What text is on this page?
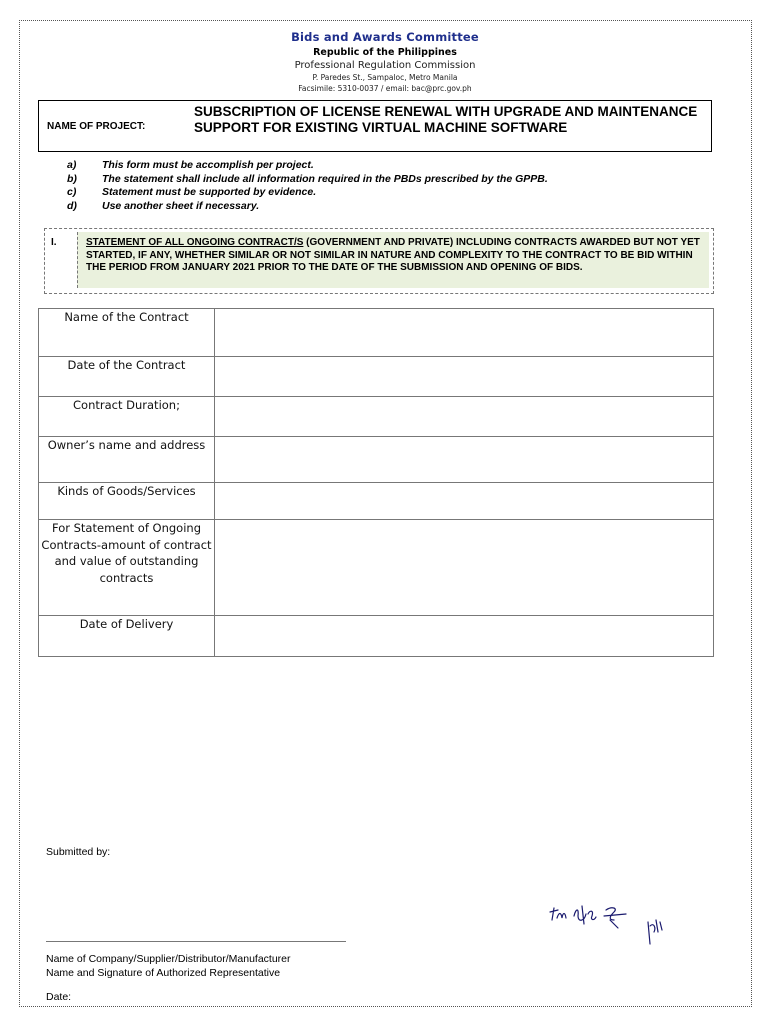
Bids and Awards Committee
Republic of the Philippines
Professional Regulation Commission
P. Paredes St., Sampaloc, Metro Manila
Facsimile: 5310-0037 / email: bac@prc.gov.ph
NAME OF PROJECT:
SUBSCRIPTION OF LICENSE RENEWAL WITH UPGRADE AND MAINTENANCE SUPPORT FOR EXISTING VIRTUAL MACHINE SOFTWARE
a)	This form must be accomplish per project.
b)	The statement shall include all information required in the PBDs prescribed by the GPPB.
c)	Statement must be supported by evidence.
d)	Use another sheet if necessary.
I.	STATEMENT OF ALL ONGOING CONTRACT/S (GOVERNMENT AND PRIVATE) INCLUDING CONTRACTS AWARDED BUT NOT YET STARTED, IF ANY, WHETHER SIMILAR OR NOT SIMILAR IN NATURE AND COMPLEXITY TO THE CONTRACT TO BE BID WITHIN THE PERIOD FROM JANUARY 2021 PRIOR TO THE DATE OF THE SUBMISSION AND OPENING OF BIDS.
Name of the Contract	
Date of the Contract	
Contract Duration;	
Owner’s name and address	
Kinds of Goods/Services	
For Statement of Ongoing Contracts-amount of contract and value of outstanding contracts	
Date of Delivery	
Submitted by:
Name of Company/Supplier/Distributor/Manufacturer
Name and Signature of Authorized Representative
Date:
